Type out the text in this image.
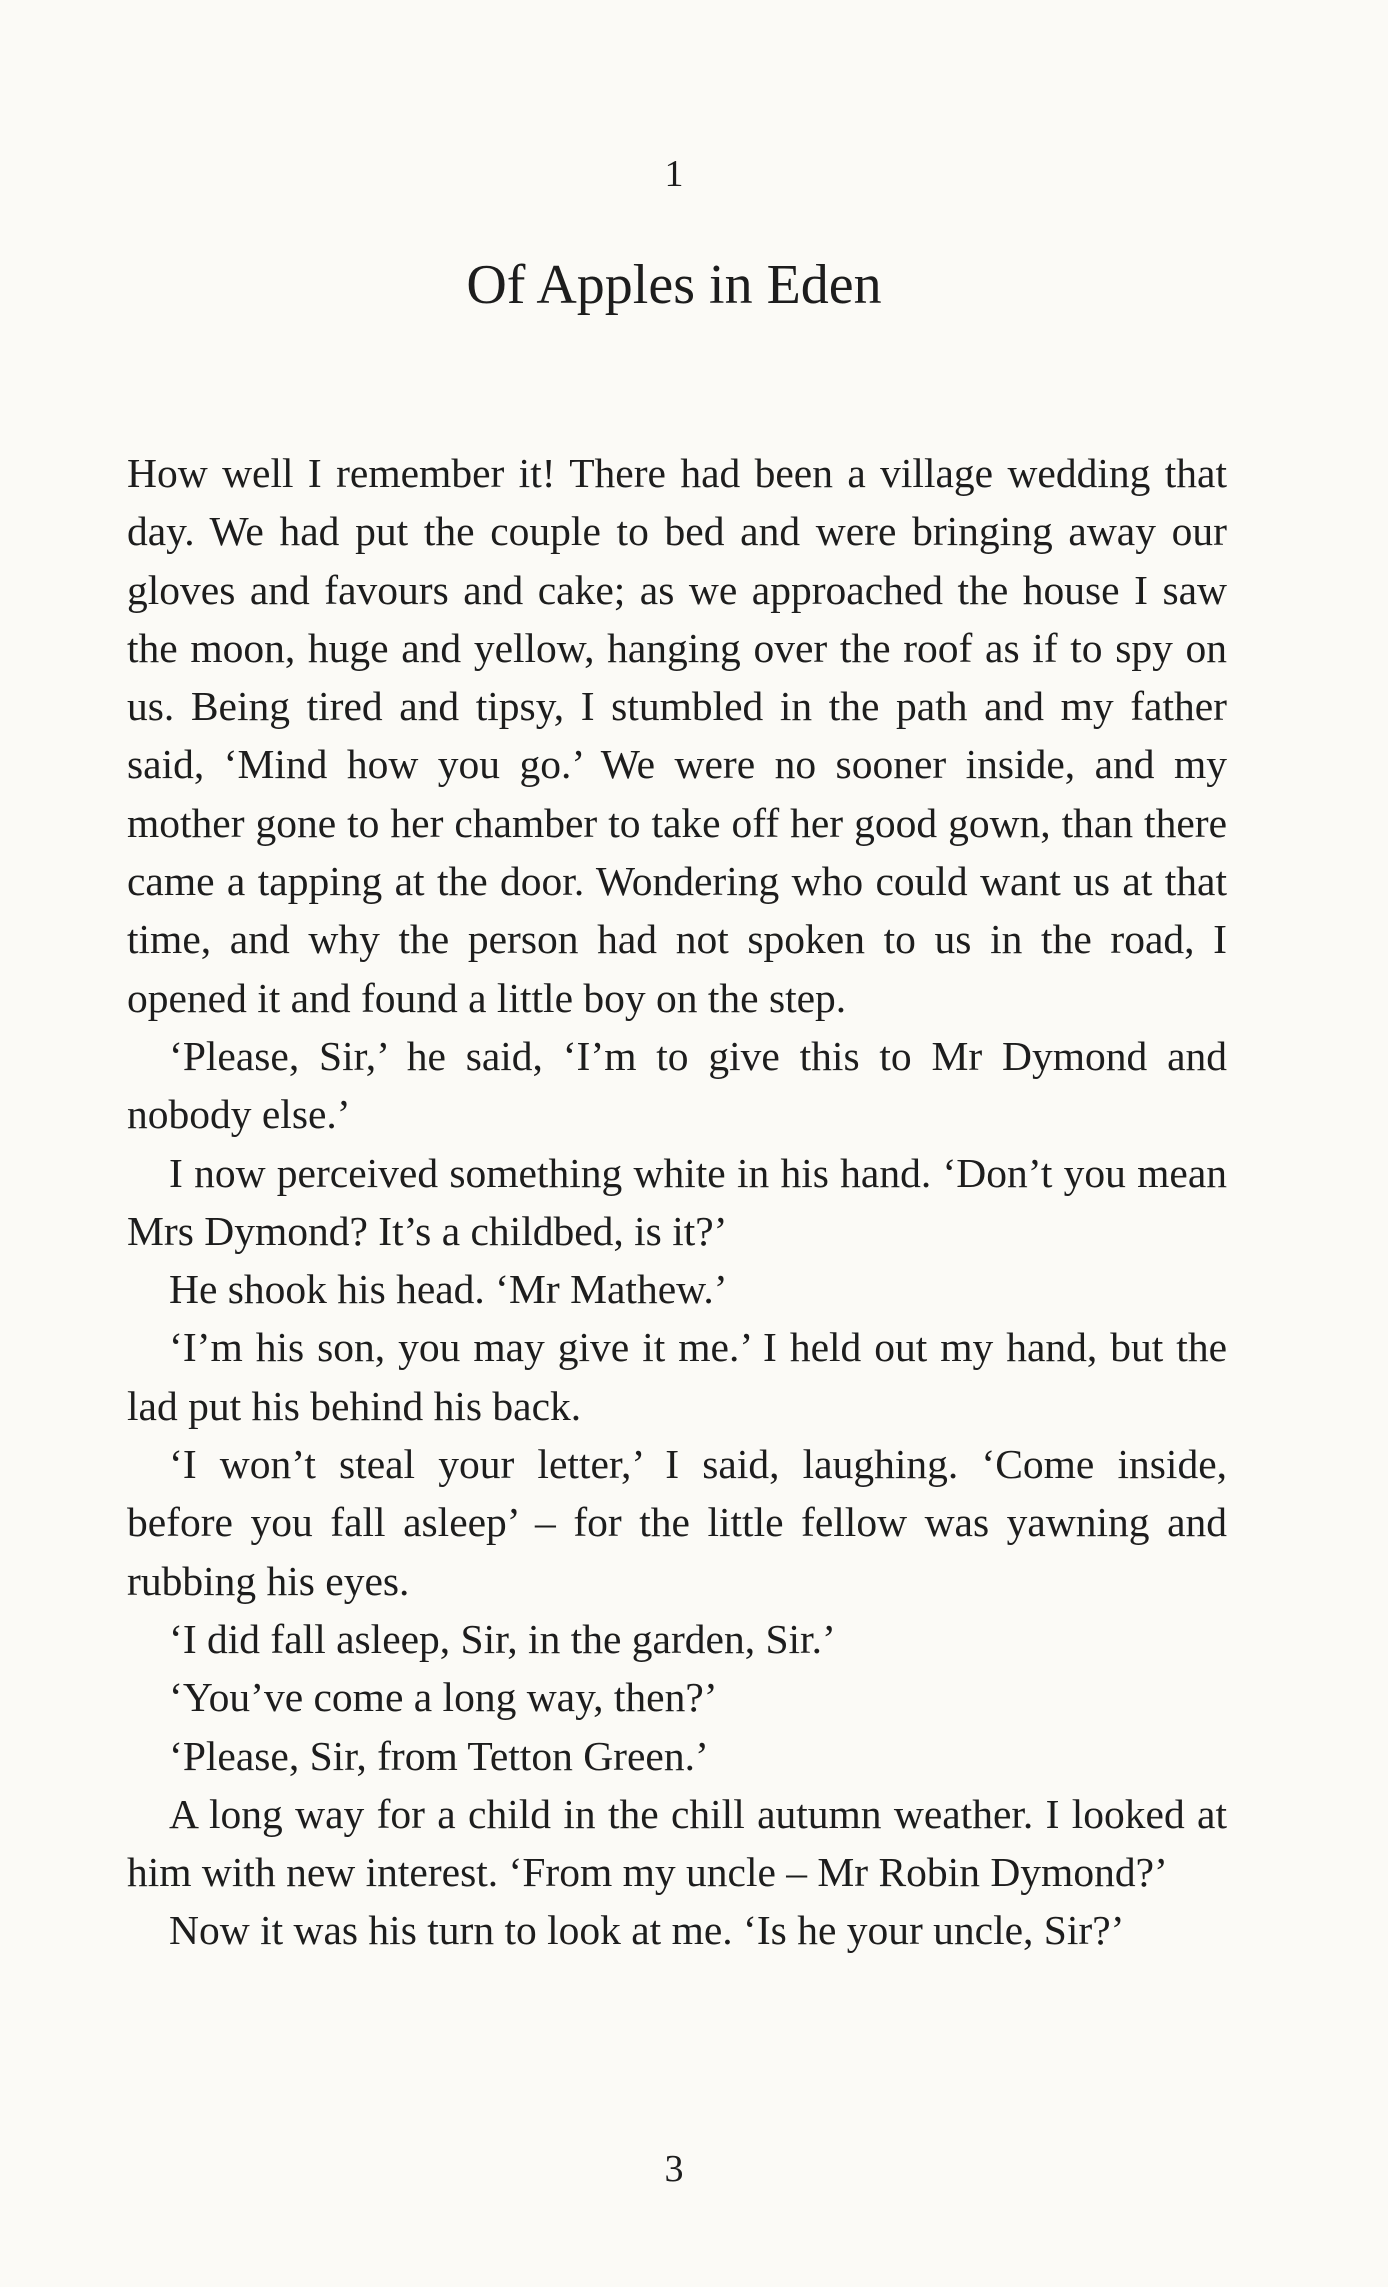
1
Of Apples in Eden

How well I remember it! There had been a village wedding that day. We had put the couple to bed and were bringing away our gloves and favours and cake; as we approached the house I saw the moon, huge and yellow, hanging over the roof as if to spy on us. Being tired and tipsy, I stumbled in the path and my father said, ‘Mind how you go.’ We were no sooner inside, and my mother gone to her chamber to take off her good gown, than there came a tapping at the door. Wondering who could want us at that time, and why the person had not spoken to us in the road, I opened it and found a little boy on the step.

‘Please, Sir,’ he said, ‘I’m to give this to Mr Dymond and nobody else.’

I now perceived something white in his hand. ‘Don’t you mean Mrs Dymond? It’s a childbed, is it?’

He shook his head. ‘Mr Mathew.’

‘I’m his son, you may give it me.’ I held out my hand, but the lad put his behind his back.

‘I won’t steal your letter,’ I said, laughing. ‘Come inside, before you fall asleep’ – for the little fellow was yawning and rubbing his eyes.

‘I did fall asleep, Sir, in the garden, Sir.’

‘You’ve come a long way, then?’

‘Please, Sir, from Tetton Green.’

A long way for a child in the chill autumn weather. I looked at him with new interest. ‘From my uncle – Mr Robin Dymond?’

Now it was his turn to look at me. ‘Is he your uncle, Sir?’

3
